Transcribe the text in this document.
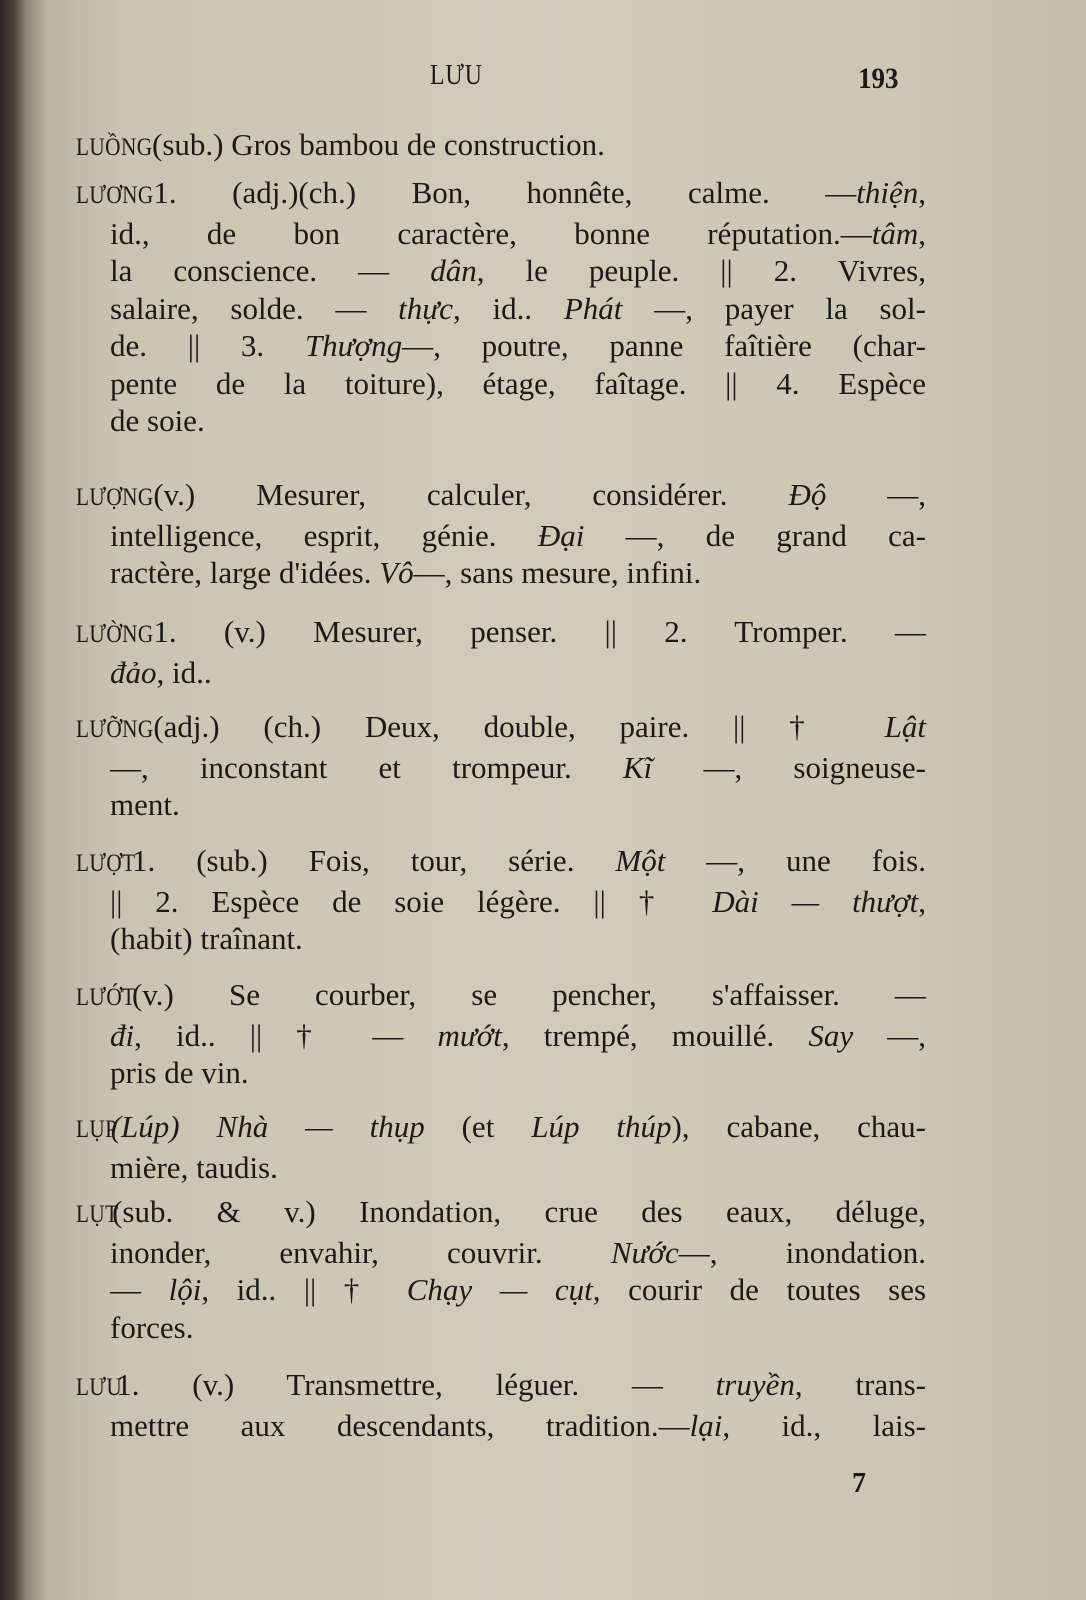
LƯU	193
LUỒNG(sub.) Gros bambou de construction.
LƯƠNG1. (adj.)(ch.) Bon, honnête, calme. —thiện,
id., de bon caractère, bonne réputation.—tâm,
la conscience. — dân, le peuple. || 2. Vivres,
salaire, solde. — thực, id.. Phát —, payer la sol-
de. || 3. Thượng—, poutre, panne faîtière (char-
pente de la toiture), étage, faîtage. || 4. Espèce
de soie.
LƯỢNG(v.) Mesurer, calculer, considérer. Độ —,
intelligence, esprit, génie. Đại —, de grand ca-
ractère, large d'idées. Vô—, sans mesure, infini.
LƯỜNG1. (v.) Mesurer, penser. || 2. Tromper. —
đảo, id..
LƯỠNG(adj.) (ch.) Deux, double, paire. || † Lật
—, inconstant et trompeur. Kĩ —, soigneuse-
ment.
LƯỢT1. (sub.) Fois, tour, série. Một —, une fois.
|| 2. Espèce de soie légère. || † Dài — thượt,
(habit) traînant.
LƯỚT(v.) Se courber, se pencher, s'affaisser. —
đi, id.. || † — mướt, trempé, mouillé. Say —,
pris de vin.
LỤP(Lúp) Nhà — thụp (et Lúp thúp), cabane, chau-
mière, taudis.
LỤT(sub. & v.) Inondation, crue des eaux, déluge,
inonder, envahir, couvrir. Nước—, inondation.
— lội, id.. || † Chạy — cụt, courir de toutes ses
forces.
LƯU1. (v.) Transmettre, léguer. — truyền, trans-
mettre aux descendants, tradition.—lại, id., lais-
7
